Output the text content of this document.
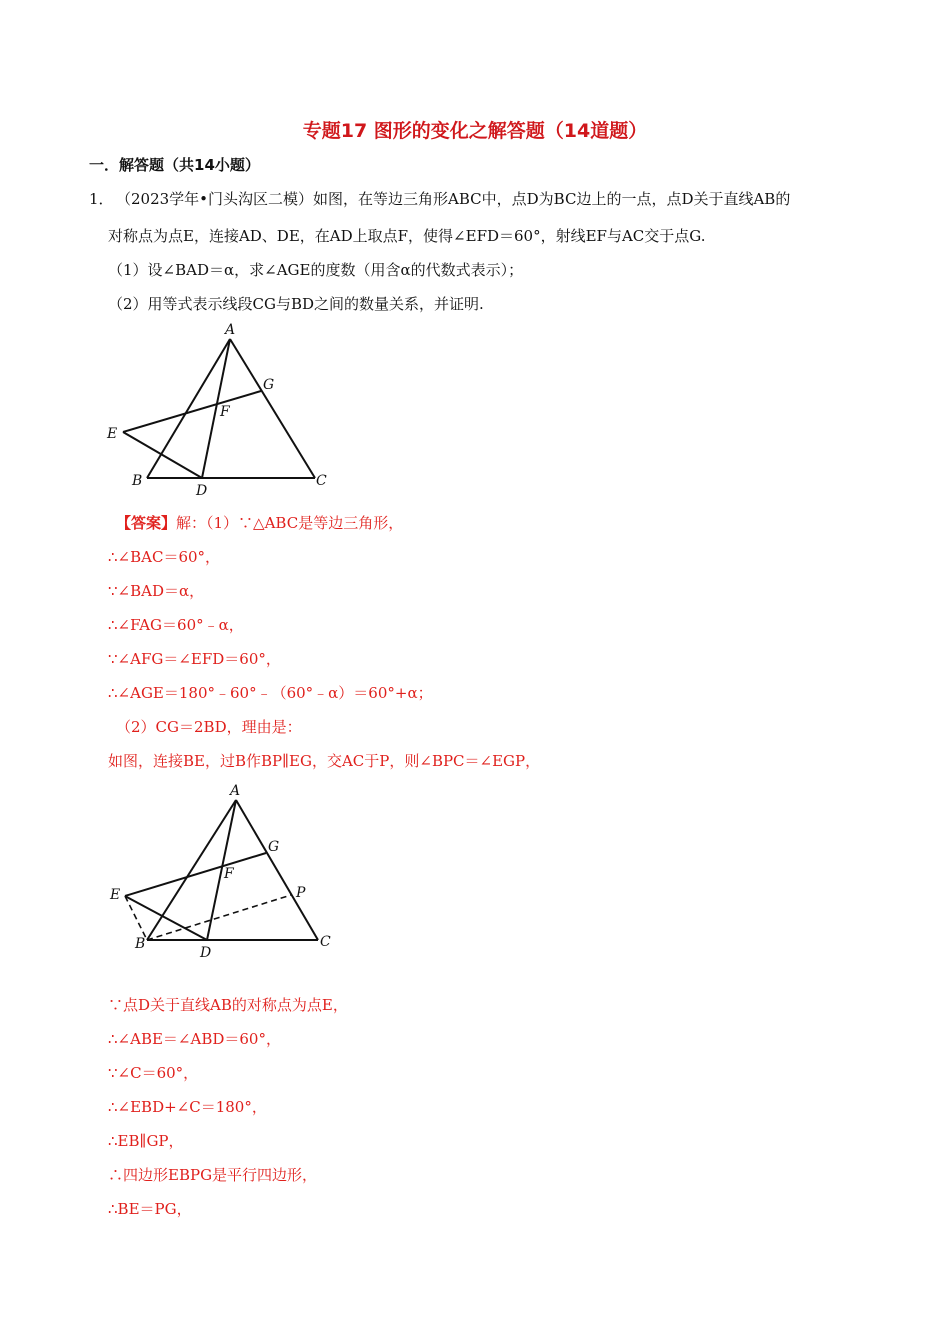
专题17 图形的变化之解答题（14道题）
一．解答题（共14小题）
1． （2023学年•门头沟区二模）如图，在等边三角形ABC中，点D为BC边上的一点，点D关于直线AB的
对称点为点E，连接AD、DE，在AD上取点F，使得∠EFD＝60°，射线EF与AC交于点G.
（1）设∠BAD＝α，求∠AGE的度数（用含α的代数式表示）；
（2）用等式表示线段CG与BD之间的数量关系，并证明.
A
B	C
D
E
F
G
【答案】解：（1）∵△ABC是等边三角形，
∴∠BAC＝60°，
∵∠BAD＝α，
∴∠FAG＝60°﹣α，
∵∠AFG＝∠EFD＝60°，
∴∠AGE＝180°﹣60°﹣（60°﹣α）＝60°+α；
（2）CG＝2BD，理由是：
如图，连接BE，过B作BP∥EG，交AC于P，则∠BPC＝∠EGP，
A
B	C
D
E
F
G
P
∵点D关于直线AB的对称点为点E，
∴∠ABE＝∠ABD＝60°，
∵∠C＝60°，
∴∠EBD+∠C＝180°，
∴EB∥GP，
∴四边形EBPG是平行四边形，
∴BE＝PG，
